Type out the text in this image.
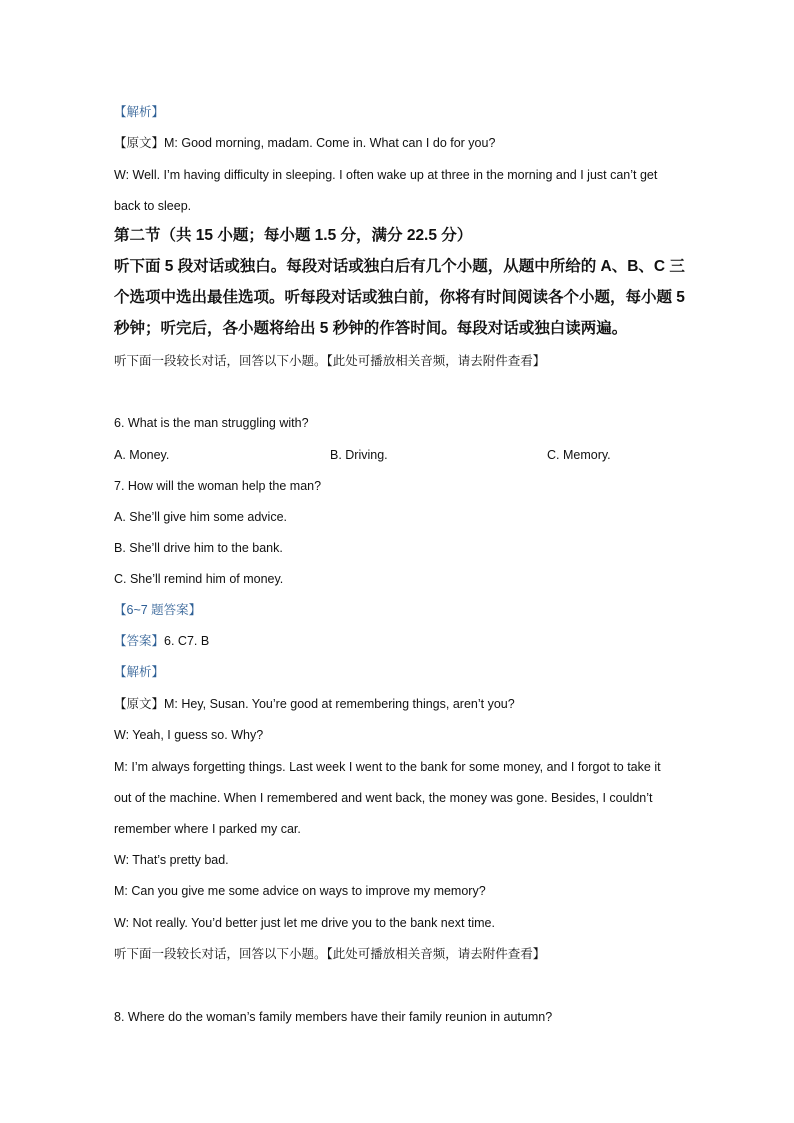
【解析】
【原文】M: Good morning, madam. Come in. What can I do for you?
W: Well. I’m having difficulty in sleeping. I often wake up at three in the morning and I just can’t get
back to sleep.
第二节（共 15 小题；每小题 1.5 分，满分 22.5 分）
听下面 5 段对话或独白。每段对话或独白后有几个小题，从题中所给的 A、B、C 三
个选项中选出最佳选项。听每段对话或独白前，你将有时间阅读各个小题，每小题 5
秒钟；听完后，各小题将给出 5 秒钟的作答时间。每段对话或独白读两遍。
听下面一段较长对话，回答以下小题。【此处可播放相关音频，请去附件查看】
6. What is the man struggling with?
A. Money.	B. Driving.	C. Memory.
7. How will the woman help the man?
A. She’ll give him some advice.
B. She’ll drive him to the bank.
C. She’ll remind him of money.
【6~7 题答案】
【答案】6. C7. B
【解析】
【原文】M: Hey, Susan. You’re good at remembering things, aren’t you?
W: Yeah, I guess so. Why?
M: I’m always forgetting things. Last week I went to the bank for some money, and I forgot to take it
out of the machine. When I remembered and went back, the money was gone. Besides, I couldn’t
remember where I parked my car.
W: That’s pretty bad.
M: Can you give me some advice on ways to improve my memory?
W: Not really. You’d better just let me drive you to the bank next time.
听下面一段较长对话，回答以下小题。【此处可播放相关音频，请去附件查看】
8. Where do the woman’s family members have their family reunion in autumn?
